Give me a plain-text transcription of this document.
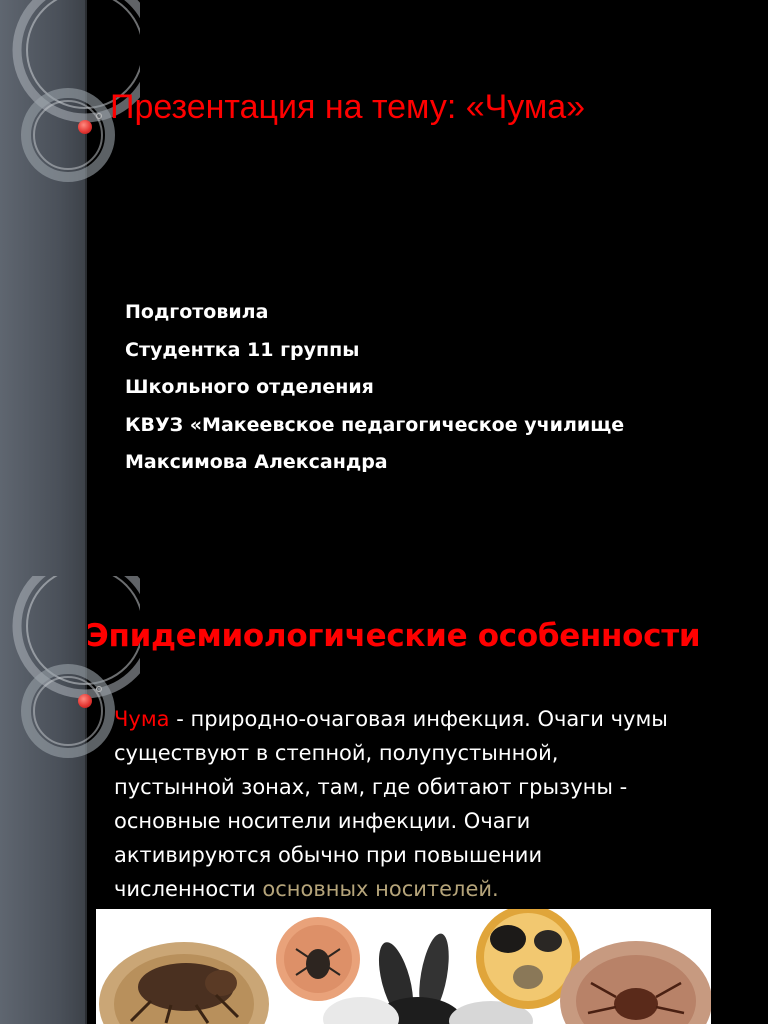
Презентация на тему: «Чума»
Подготовила
Студентка 11 группы
Школьного отделения
КВУЗ «Макеевское педагогическое училище
Максимова Александра
Эпидемиологические особенности

Чума - природно-очаговая инфекция. Очаги чумы существуют в степной, полупустынной, пустынной зонах, там, где обитают грызуны - основные носители инфекции. Очаги активируются обычно при повышении численности основных носителей.
